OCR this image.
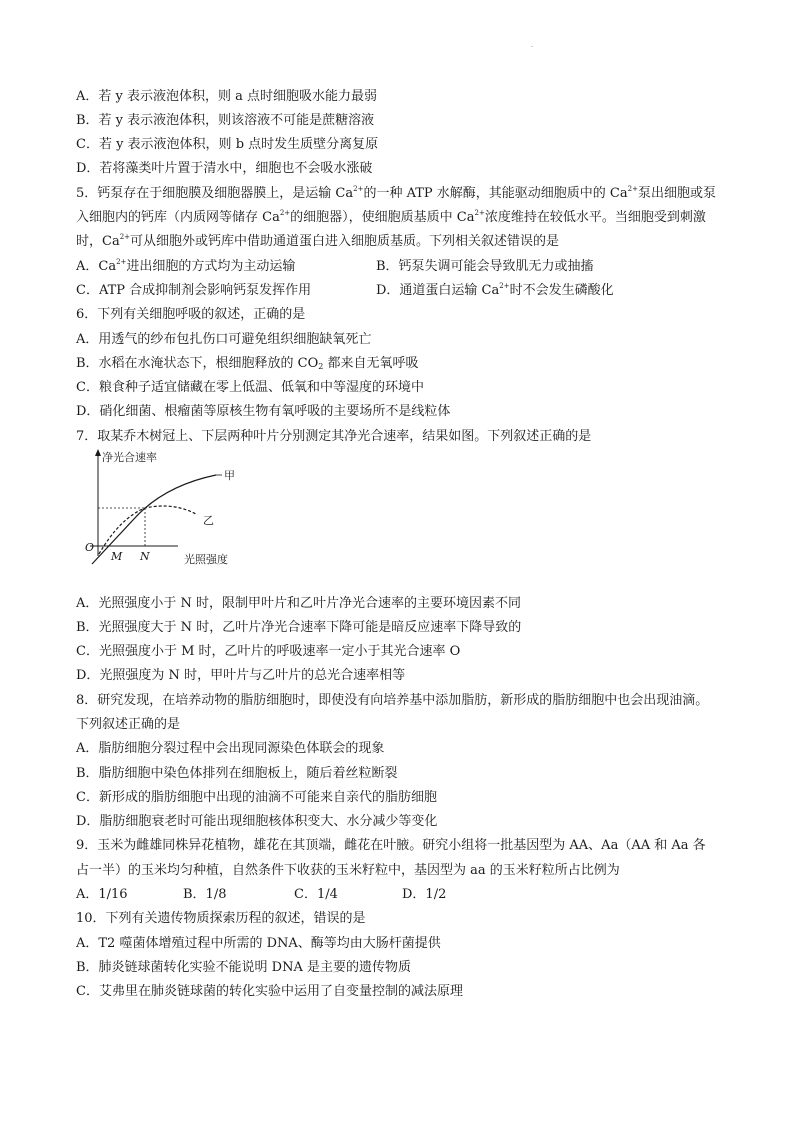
.
A．若 y 表示液泡体积，则 a 点时细胞吸水能力最弱
B．若 y 表示液泡体积，则该溶液不可能是蔗糖溶液
C．若 y 表示液泡体积，则 b 点时发生质壁分离复原
D．若将藻类叶片置于清水中，细胞也不会吸水涨破
5．钙泵存在于细胞膜及细胞器膜上，是运输 $Ca^{2+}$的一种 ATP 水解酶，其能驱动细胞质中的 $Ca^{2+}$泵出细胞或泵
入细胞内的钙库（内质网等储存 $Ca^{2+}$的细胞器），使细胞质基质中 $Ca^{2+}$浓度维持在较低水平。当细胞受到刺激
时，$Ca^{2+}$可从细胞外或钙库中借助通道蛋白进入细胞质基质。下列相关叙述错误的是
A．$Ca^{2+}$进出细胞的方式均为主动运输	B．钙泵失调可能会导致肌无力或抽搐
C．ATP 合成抑制剂会影响钙泵发挥作用	D．通道蛋白运输 $Ca^{2+}$时不会发生磷酸化
6．下列有关细胞呼吸的叙述，正确的是
A．用透气的纱布包扎伤口可避免组织细胞缺氧死亡
B．水稻在水淹状态下，根细胞释放的 $CO_2$ 都来自无氧呼吸
C．粮食种子适宜储藏在零上低温、低氧和中等湿度的环境中
D．硝化细菌、根瘤菌等原核生物有氧呼吸的主要场所不是线粒体
7．取某乔木树冠上、下层两种叶片分别测定其净光合速率，结果如图。下列叙述正确的是
净光合速率
光照强度
O
M N
甲
乙
A．光照强度小于 N 时，限制甲叶片和乙叶片净光合速率的主要环境因素不同
B．光照强度大于 N 时，乙叶片净光合速率下降可能是暗反应速率下降导致的
C．光照强度小于 M 时，乙叶片的呼吸速率一定小于其光合速率 O
D．光照强度为 N 时，甲叶片与乙叶片的总光合速率相等
8．研究发现，在培养动物的脂肪细胞时，即使没有向培养基中添加脂肪，新形成的脂肪细胞中也会出现油滴。
下列叙述正确的是
A．脂肪细胞分裂过程中会出现同源染色体联会的现象
B．脂肪细胞中染色体排列在细胞板上，随后着丝粒断裂
C．新形成的脂肪细胞中出现的油滴不可能来自亲代的脂肪细胞
D．脂肪细胞衰老时可能出现细胞核体积变大、水分减少等变化
9．玉米为雌雄同株异花植物，雄花在其顶端，雌花在叶腋。研究小组将一批基因型为 AA、Aa（AA 和 Aa 各
占一半）的玉米均匀种植，自然条件下收获的玉米籽粒中，基因型为 aa 的玉米籽粒所占比例为
A．1/16	B．1/8	C．1/4	D．1/2
10．下列有关遗传物质探索历程的叙述，错误的是
A．T2 噬菌体增殖过程中所需的 DNA、酶等均由大肠杆菌提供
B．肺炎链球菌转化实验不能说明 DNA 是主要的遗传物质
C．艾弗里在肺炎链球菌的转化实验中运用了自变量控制的减法原理
